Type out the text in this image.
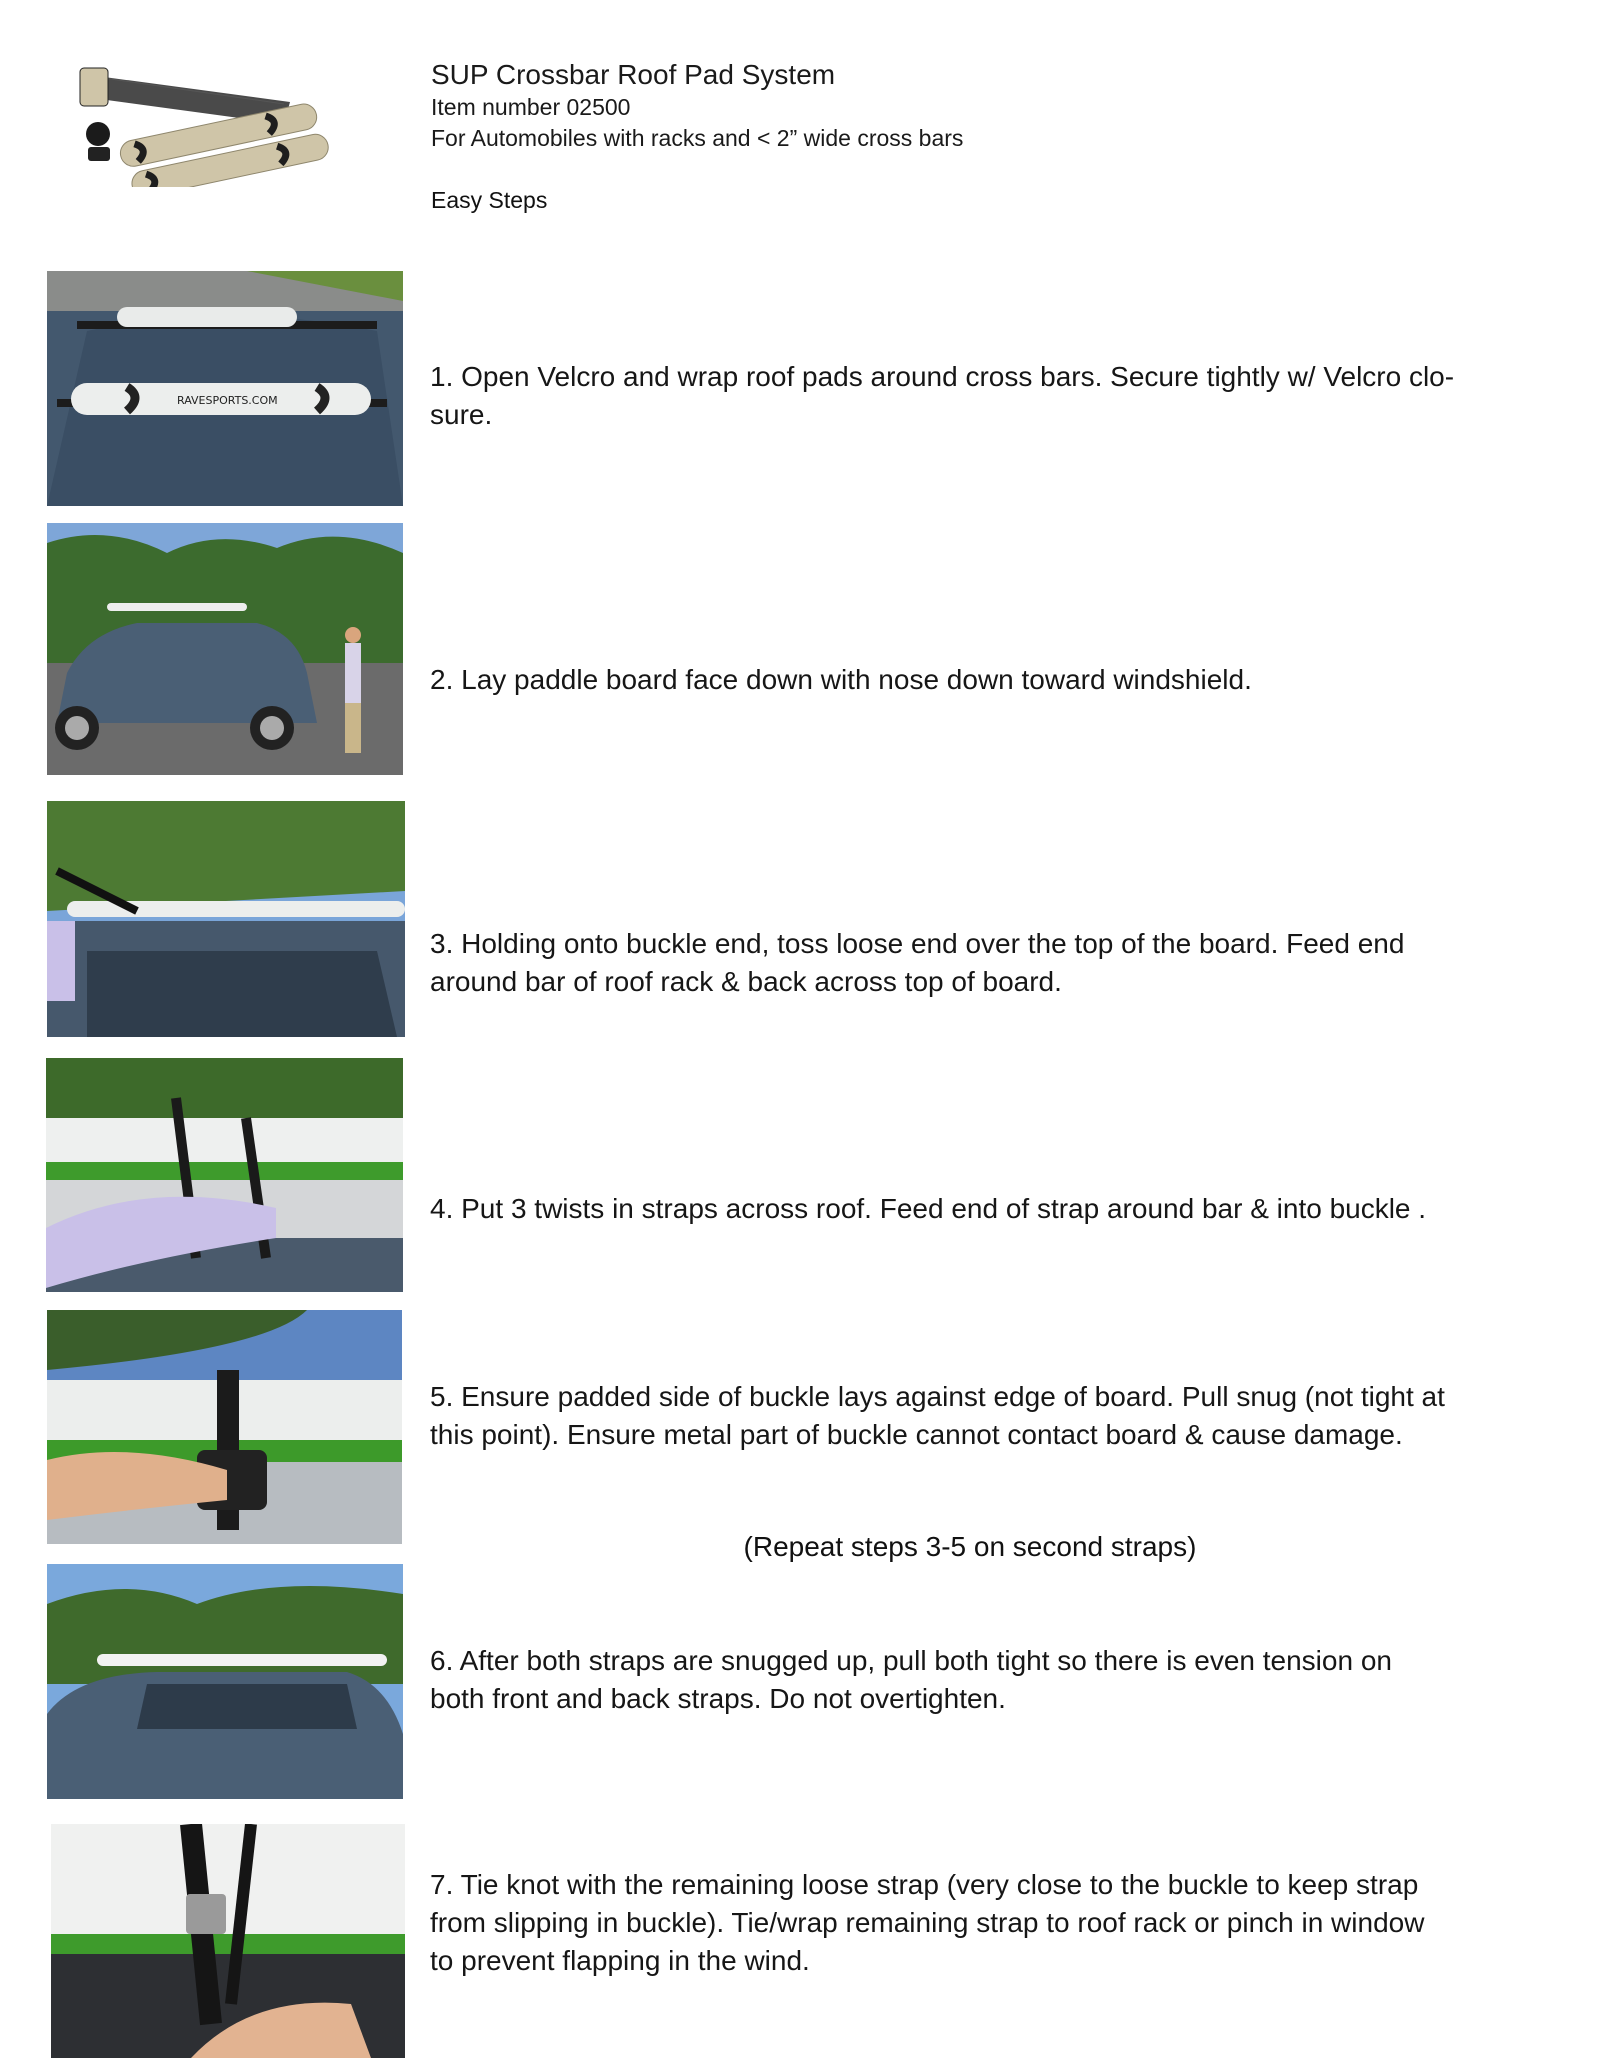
SUP Crossbar Roof Pad System
Item number 02500
For Automobiles with racks and < 2” wide cross bars
Easy Steps
RAVESPORTS.COM
1. Open Velcro and wrap roof pads around cross bars. Secure tightly w/ Velcro clo-
sure.
2. Lay paddle board face down with nose down toward windshield.
3. Holding onto buckle end, toss loose end over the top of the board. Feed end
around bar of roof rack & back across top of board.
4. Put 3 twists in straps across roof. Feed end of strap around bar & into buckle .
5. Ensure padded side of buckle lays against edge of board. Pull snug (not tight at
this point). Ensure metal part of buckle cannot contact board & cause damage.
(Repeat steps 3-5 on second straps)
6. After both straps are snugged up, pull both tight so there is even tension on
both front and back straps. Do not overtighten.
7. Tie knot with the remaining loose strap (very close to the buckle to keep strap
from slipping in buckle). Tie/wrap remaining strap to roof rack or pinch in window
to prevent flapping in the wind.
